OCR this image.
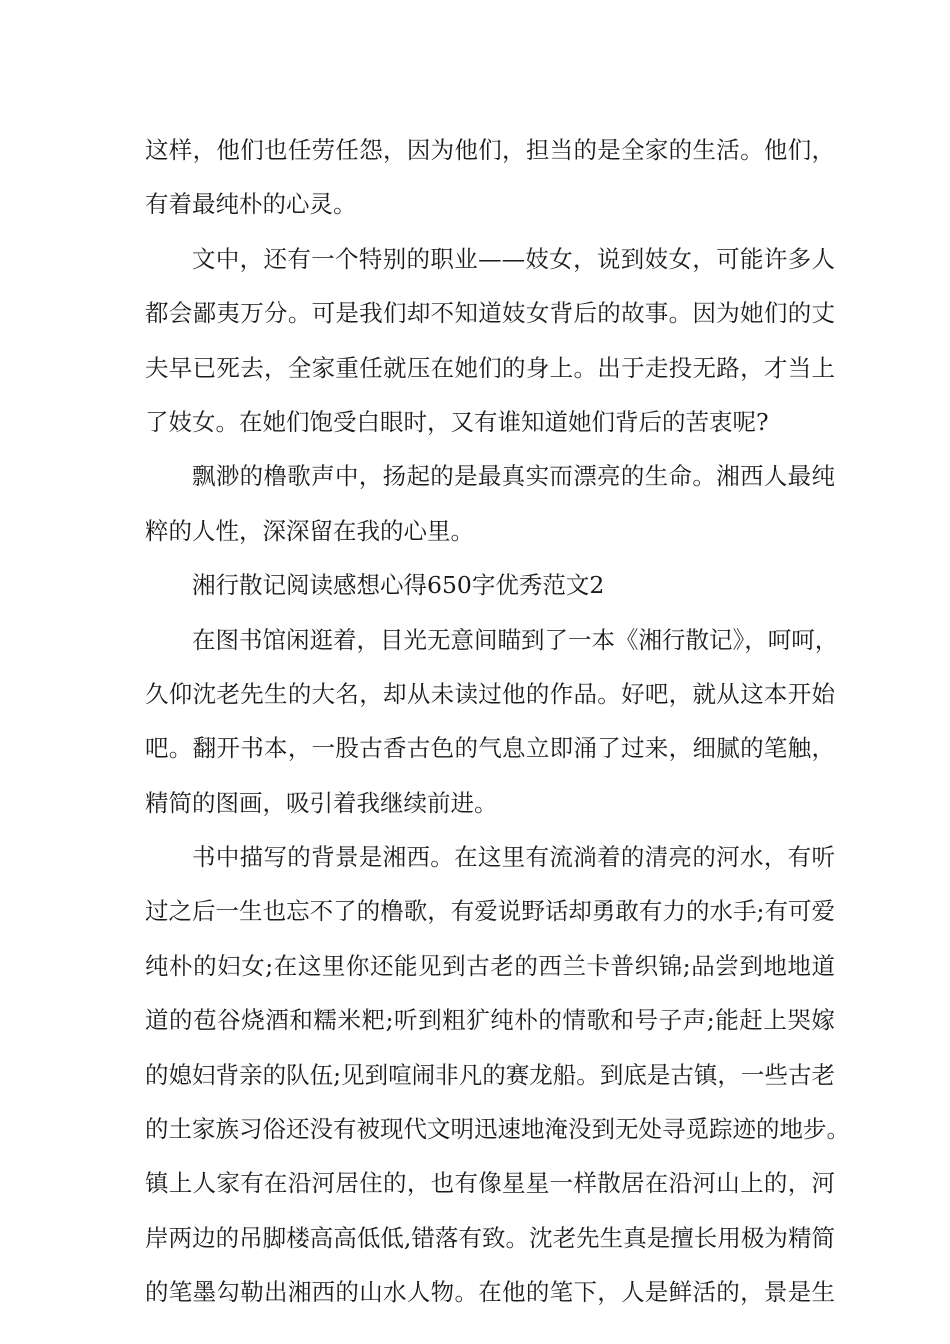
这样，他们也任劳任怨，因为他们，担当的是全家的生活。他们，
有着最纯朴的心灵。
文中，还有一个特别的职业——妓女，说到妓女，可能许多人
都会鄙夷万分。可是我们却不知道妓女背后的故事。因为她们的丈
夫早已死去，全家重任就压在她们的身上。出于走投无路，才当上
了妓女。在她们饱受白眼时，又有谁知道她们背后的苦衷呢?
飘渺的橹歌声中，扬起的是最真实而漂亮的生命。湘西人最纯
粹的人性，深深留在我的心里。
湘行散记阅读感想心得650字优秀范文2
在图书馆闲逛着，目光无意间瞄到了一本《湘行散记》，呵呵，
久仰沈老先生的大名，却从未读过他的作品。好吧，就从这本开始
吧。翻开书本，一股古香古色的气息立即涌了过来，细腻的笔触，
精简的图画，吸引着我继续前进。
书中描写的背景是湘西。在这里有流淌着的清亮的河水，有听
过之后一生也忘不了的橹歌，有爱说野话却勇敢有力的水手;有可爱
纯朴的妇女;在这里你还能见到古老的西兰卡普织锦;品尝到地地道
道的苞谷烧酒和糯米粑;听到粗犷纯朴的情歌和号子声;能赶上哭嫁
的媳妇背亲的队伍;见到喧闹非凡的赛龙船。到底是古镇，一些古老
的土家族习俗还没有被现代文明迅速地淹没到无处寻觅踪迹的地步。
镇上人家有在沿河居住的，也有像星星一样散居在沿河山上的，河
岸两边的吊脚楼高高低低,错落有致。沈老先生真是擅长用极为精简
的笔墨勾勒出湘西的山水人物。在他的笔下，人是鲜活的，景是生
